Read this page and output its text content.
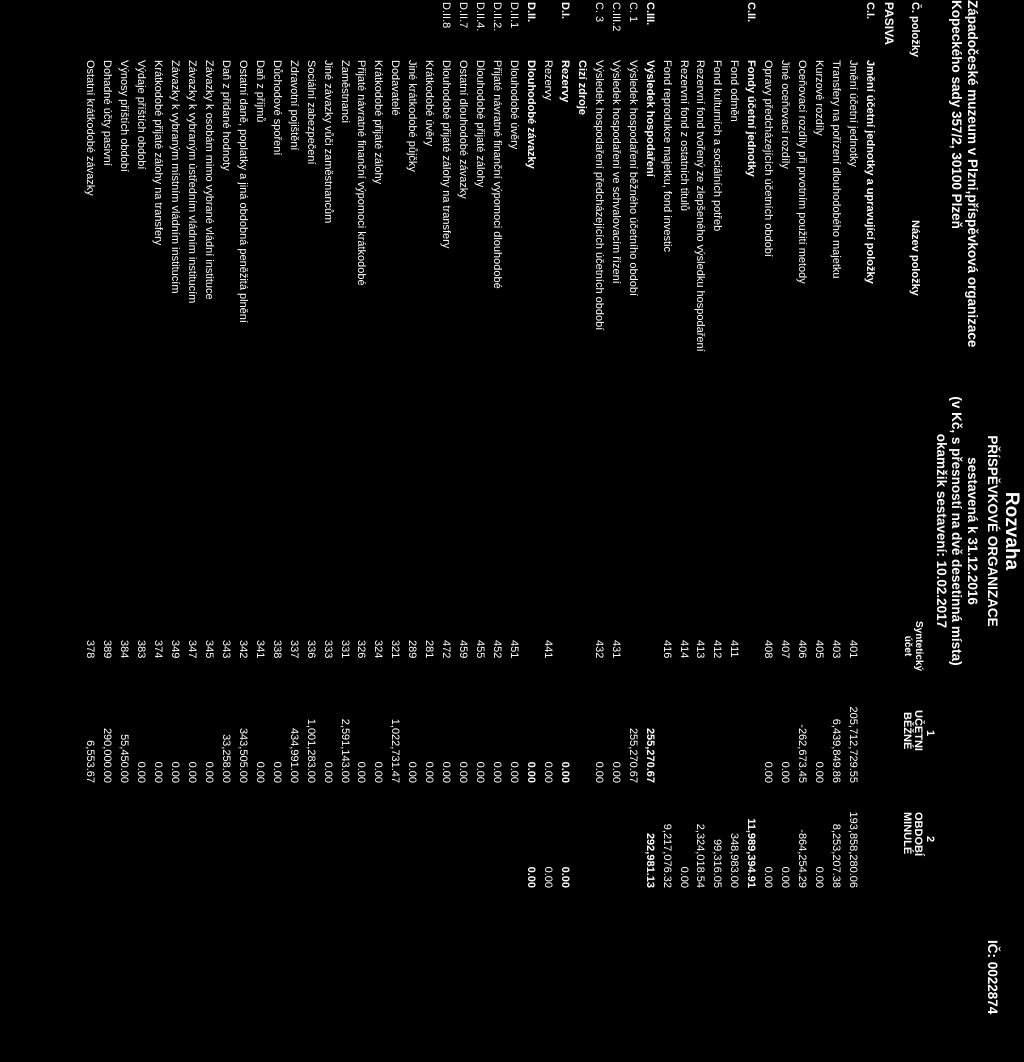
Rozvaha
PŘÍSPĚVKOVÉ ORGANIZACE
IČ: 0022874
Západočeské muzeum v Plzni,příspěvková organizace
sestavená k 31.12.2016
Kopeckého sady 357/2, 30100 Plzeň
(v Kč, s přesností na dvě desetinná místa)
okamžik sestavení: 10.02.2017
Č. položky
Název položky
Syntetický účet
1
UČETNI
BĚŽNÉ
2
OBDOBÍ
MINULÉ
PASIVA
C.I.
Jmění účetní jednotky a upravující položky
Jmění účetní jednotky
401
205,712,729.55
193,858,280.06
Transfery na pořízení dlouhodobého majetku
403
6,439,849.86
8,253,207.38
Kurzové rozdíly
405
0.00
0.00
Oceňovací rozdíly při prvotním použití metody
406
-262,673.45
-864,254.29
Jiné oceňovací rozdíly
407
0.00
0.00
Opravy předcházejících účetních období
408
0.00
0.00
C.II.
Fondy účetní jednotky
11,989,394.91
Fond odměn
411
348,983.00
Fond kulturních a sociálních potřeb
412
99,316.05
Rezervní fond tvořený ze zlepšeného výsledku hospodaření
413
2,324,018.54
Rezervní fond z ostatních titulů
414
0.00
Fond reprodukce majetku, fond investic
416
9,217,076.32
C.III.
Výsledek hospodaření
255,270.67
292,981.13
C. 1
Výsledek hospodaření běžného účetního období
255,270.67
C.III.2
Výsledek hospodaření ve schvalovacím řízení
431
0.00
C. 3
Výsledek hospodaření předcházejících účetních období
432
0.00
Cizí zdroje
D.I.
Rezervy
0.00
0.00
Rezervy
441
0.00
0.00
D.II.
Dlouhodobé závazky
0.00
0.00
D.II.1
Dlouhodobé úvěry
451
0.00
D.II.2.
Přijaté návratné finanční výpomoci dlouhodobé
452
0.00
D.II.4.
Dlouhodobé přijaté zálohy
455
0.00
D.II.7
Ostatní dlouhodobé závazky
459
0.00
D.II.8
Dlouhodobé přijaté zálohy na transfery
472
0.00
Krátkodobé úvěry
281
0.00
Jiné krátkodobé půjčky
289
0.00
Dodavatelé
321
1,022,731.47
Krátkodobé přijaté zálohy
324
0.00
Přijaté návratné finanční výpomoci krátkodobé
326
0.00
Zaměstnanci
331
2,591,143.00
Jiné závazky vůči zaměstnancům
333
0.00
Sociální zabezpečení
336
1,001,283.00
Zdravotní pojištění
337
434,991.00
Důchodové spoření
338
0.00
Daň z příjmů
341
0.00
Ostatní daně, poplatky a jiná obdobná peněžitá plnění
342
343,505.00
Daň z přidané hodnoty
343
33,258.00
Závazky k osobám mimo vybrané vládní instituce
345
0.00
Závazky k vybraným ústředním vládním institucím
347
0.00
Závazky k vybraným místním vládním institucím
349
0.00
Krátkodobé přijaté zálohy na transfery
374
0.00
Výdaje příštích období
383
0.00
Výnosy příštích období
384
55,450.00
Dohadné účty pasivní
389
290,000.00
Ostatní krátkodobé závazky
378
6,553.67
